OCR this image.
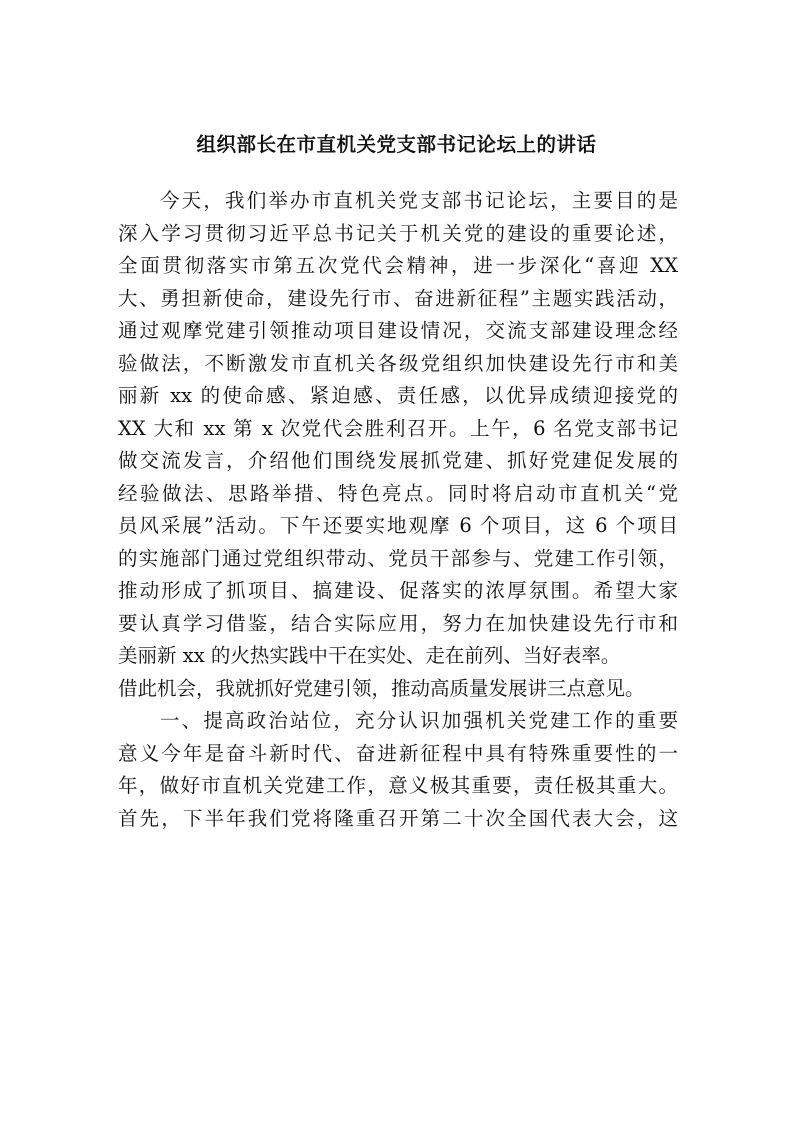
组织部长在市直机关党支部书记论坛上的讲话
今天，我们举办市直机关党支部书记论坛，主要目的是
深入学习贯彻习近平总书记关于机关党的建设的重要论述，
全面贯彻落实市第五次党代会精神，进一步深化“喜迎 XX
大、勇担新使命，建设先行市、奋进新征程”主题实践活动，
通过观摩党建引领推动项目建设情况，交流支部建设理念经
验做法，不断激发市直机关各级党组织加快建设先行市和美
丽新 xx 的使命感、紧迫感、责任感，以优异成绩迎接党的
XX 大和 xx 第 x 次党代会胜利召开。上午，6 名党支部书记
做交流发言，介绍他们围绕发展抓党建、抓好党建促发展的
经验做法、思路举措、特色亮点。同时将启动市直机关“党
员风采展”活动。下午还要实地观摩 6 个项目，这 6 个项目
的实施部门通过党组织带动、党员干部参与、党建工作引领，
推动形成了抓项目、搞建设、促落实的浓厚氛围。希望大家
要认真学习借鉴，结合实际应用，努力在加快建设先行市和
美丽新 xx 的火热实践中干在实处、走在前列、当好表率。
借此机会，我就抓好党建引领，推动高质量发展讲三点意见。
一、提高政治站位，充分认识加强机关党建工作的重要
意义今年是奋斗新时代、奋进新征程中具有特殊重要性的一
年，做好市直机关党建工作，意义极其重要，责任极其重大。
首先，下半年我们党将隆重召开第二十次全国代表大会，这
